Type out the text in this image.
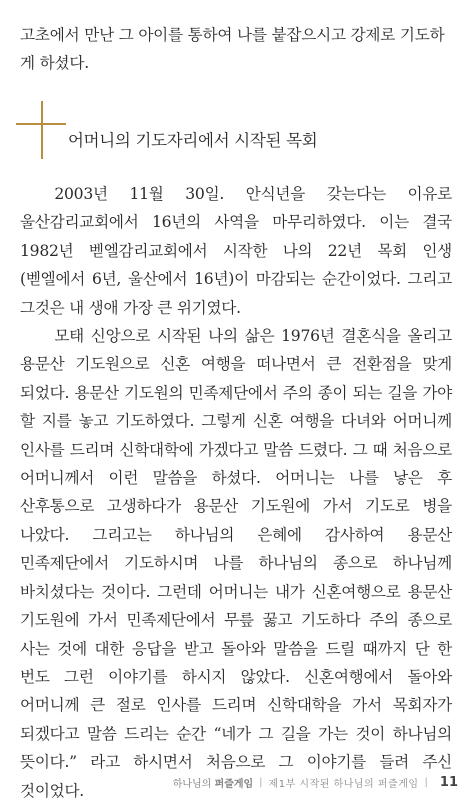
고초에서 만난 그 아이를 통하여 나를 붙잡으시고 강제로 기도하게 하셨다.

어머니의 기도자리에서 시작된 목회

2003년 11월 30일. 안식년을 갖는다는 이유로 울산감리교회에서 16년의 사역을 마무리하였다. 이는 결국 1982년 벧엘감리교회에서 시작한 나의 22년 목회 인생(벧엘에서 6년, 울산에서 16년)이 마감되는 순간이었다. 그리고 그것은 내 생애 가장 큰 위기였다.

모태 신앙으로 시작된 나의 삶은 1976년 결혼식을 올리고 용문산 기도원으로 신혼 여행을 떠나면서 큰 전환점을 맞게 되었다. 용문산 기도원의 민족제단에서 주의 종이 되는 길을 가야 할 지를 놓고 기도하였다. 그렇게 신혼 여행을 다녀와 어머니께 인사를 드리며 신학대학에 가겠다고 말씀 드렸다. 그 때 처음으로 어머니께서 이런 말씀을 하셨다. 어머니는 나를 낳은 후 산후통으로 고생하다가 용문산 기도원에 가서 기도로 병을 나았다. 그리고는 하나님의 은혜에 감사하여 용문산 민족제단에서 기도하시며 나를 하나님의 종으로 하나님께 바치셨다는 것이다. 그런데 어머니는 내가 신혼여행으로 용문산 기도원에 가서 민족제단에서 무릎 꿇고 기도하다 주의 종으로 사는 것에 대한 응답을 받고 돌아와 말씀을 드릴 때까지 단 한 번도 그런 이야기를 하시지 않았다. 신혼여행에서 돌아와 어머니께 큰 절로 인사를 드리며 신학대학을 가서 목회자가 되겠다고 말씀 드리는 순간 “네가 그 길을 가는 것이 하나님의 뜻이다.” 라고 하시면서 처음으로 그 이야기를 들려 주신 것이었다.	하나님의 퍼즐게임 | 제1부 시작된 하나님의 퍼즐게임 | 11
